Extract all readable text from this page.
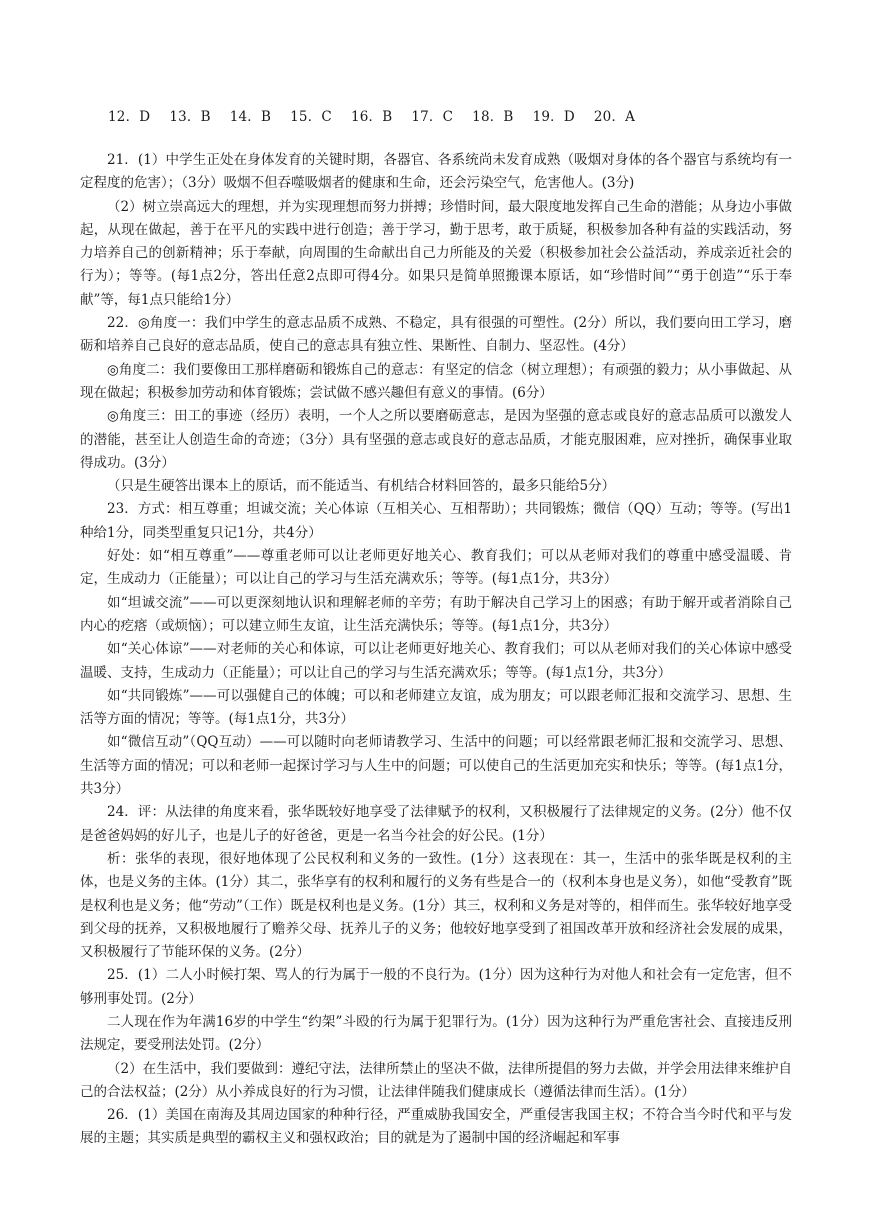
12．D 13．B 14．B 15．C 16．B 17．C 18．B 19．D 20．A

21．(1）中学生正处在身体发育的关键时期，各器官、各系统尚未发育成熟（吸烟对身体的各个器官与系统均有一定程度的危害）；（3分）吸烟不但吞噬吸烟者的健康和生命，还会污染空气，危害他人。(3分)

（2）树立崇高远大的理想，并为实现理想而努力拼搏；珍惜时间，最大限度地发挥自己生命的潜能；从身边小事做起，从现在做起，善于在平凡的实践中进行创造；善于学习，勤于思考，敢于质疑，积极参加各种有益的实践活动，努力培养自己的创新精神；乐于奉献，向周围的生命献出自己力所能及的关爱（积极参加社会公益活动，养成亲近社会的行为）；等等。(每1点2分，答出任意2点即可得4分。如果只是简单照搬课本原话，如“珍惜时间”“勇于创造”“乐于奉献”等，每1点只能给1分）

22．◎角度一：我们中学生的意志品质不成熟、不稳定，具有很强的可塑性。(2分）所以，我们要向田工学习，磨砺和培养自己良好的意志品质，使自己的意志具有独立性、果断性、自制力、坚忍性。(4分）

◎角度二：我们要像田工那样磨砺和锻炼自己的意志：有坚定的信念（树立理想）；有顽强的毅力；从小事做起、从现在做起；积极参加劳动和体育锻炼；尝试做不感兴趣但有意义的事情。(6分）

◎角度三：田工的事迹（经历）表明，一个人之所以要磨砺意志，是因为坚强的意志或良好的意志品质可以激发人的潜能，甚至让人创造生命的奇迹；（3分）具有坚强的意志或良好的意志品质，才能克服困难，应对挫折，确保事业取得成功。(3分）

（只是生硬答出课本上的原话，而不能适当、有机结合材料回答的，最多只能给5分）

23．方式：相互尊重；坦诚交流；关心体谅（互相关心、互相帮助）；共同锻炼；微信（QQ）互动；等等。(写出1种给1分，同类型重复只记1分，共4分）

好处：如“相互尊重”——尊重老师可以让老师更好地关心、教育我们；可以从老师对我们的尊重中感受温暖、肯定，生成动力（正能量）；可以让自己的学习与生活充满欢乐；等等。(每1点1分，共3分）

如“坦诚交流”——可以更深刻地认识和理解老师的辛劳；有助于解决自己学习上的困惑；有助于解开或者消除自己内心的疙瘩（或烦恼）；可以建立师生友谊，让生活充满快乐；等等。(每1点1分，共3分）

如“关心体谅”——对老师的关心和体谅，可以让老师更好地关心、教育我们；可以从老师对我们的关心体谅中感受温暖、支持，生成动力（正能量）；可以让自己的学习与生活充满欢乐；等等。(每1点1分，共3分）

如“共同锻炼”——可以强健自己的体魄；可以和老师建立友谊，成为朋友；可以跟老师汇报和交流学习、思想、生活等方面的情况；等等。(每1点1分，共3分）

如“微信互动”（QQ互动）——可以随时向老师请教学习、生活中的问题；可以经常跟老师汇报和交流学习、思想、生活等方面的情况；可以和老师一起探讨学习与人生中的问题；可以使自己的生活更加充实和快乐；等等。(每1点1分，共3分）

24．评：从法律的角度来看，张华既较好地享受了法律赋予的权利，又积极履行了法律规定的义务。(2分）他不仅是爸爸妈妈的好儿子，也是儿子的好爸爸，更是一名当今社会的好公民。(1分）

析：张华的表现，很好地体现了公民权利和义务的一致性。(1分）这表现在：其一，生活中的张华既是权利的主体，也是义务的主体。(1分）其二，张华享有的权利和履行的义务有些是合一的（权利本身也是义务），如他“受教育”既是权利也是义务；他“劳动”（工作）既是权利也是义务。(1分）其三，权利和义务是对等的，相伴而生。张华较好地享受到父母的抚养，又积极地履行了赡养父母、抚养儿子的义务；他较好地享受到了祖国改革开放和经济社会发展的成果，又积极履行了节能环保的义务。(2分）

25．(1）二人小时候打架、骂人的行为属于一般的不良行为。(1分）因为这种行为对他人和社会有一定危害，但不够刑事处罚。(2分）

二人现在作为年满16岁的中学生“约架”斗殴的行为属于犯罪行为。(1分）因为这种行为严重危害社会、直接违反刑法规定，要受刑法处罚。(2分）

（2）在生活中，我们要做到：遵纪守法，法律所禁止的坚决不做，法律所提倡的努力去做，并学会用法律来维护自己的合法权益；(2分）从小养成良好的行为习惯，让法律伴随我们健康成长（遵循法律而生活）。(1分）

26．(1）美国在南海及其周边国家的种种行径，严重威胁我国安全，严重侵害我国主权；不符合当今时代和平与发展的主题；其实质是典型的霸权主义和强权政治；目的就是为了遏制中国的经济崛起和军事
